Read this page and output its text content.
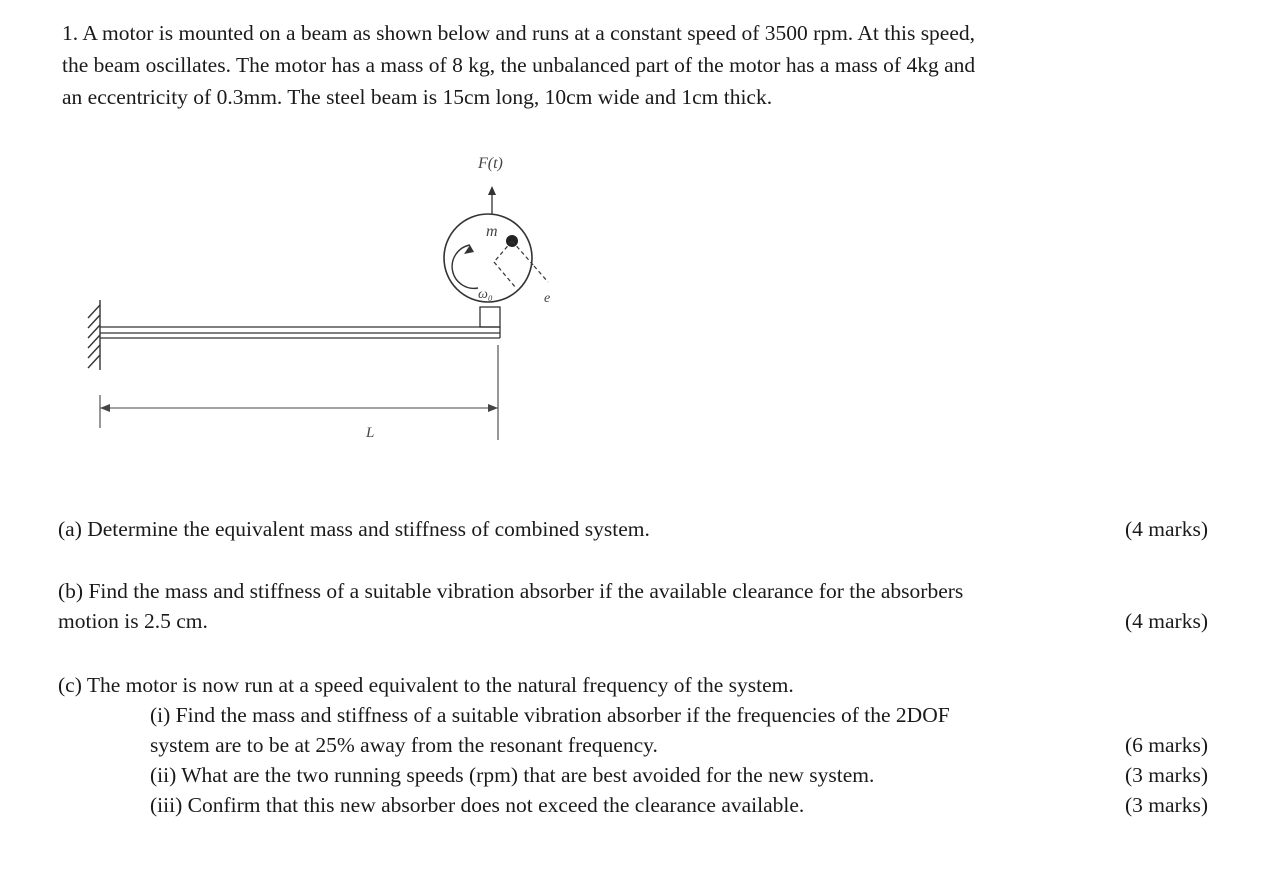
1. A motor is mounted on a beam as shown below and runs at a constant speed of 3500 rpm. At this speed,
the beam oscillates. The motor has a mass of 8 kg, the unbalanced part of the motor has a mass of 4kg and
an eccentricity of 0.3mm. The steel beam is 15cm long, 10cm wide and 1cm thick.
F(t)
m
ω₀	e
L
(a) Determine the equivalent mass and stiffness of combined system.	(4 marks)
(b) Find the mass and stiffness of a suitable vibration absorber if the available clearance for the absorbers
motion is 2.5 cm.	(4 marks)
(c) The motor is now run at a speed equivalent to the natural frequency of the system.
(i) Find the mass and stiffness of a suitable vibration absorber if the frequencies of the 2DOF
system are to be at 25% away from the resonant frequency.	(6 marks)
(ii) What are the two running speeds (rpm) that are best avoided for the new system.	(3 marks)
(iii) Confirm that this new absorber does not exceed the clearance available.	(3 marks)
